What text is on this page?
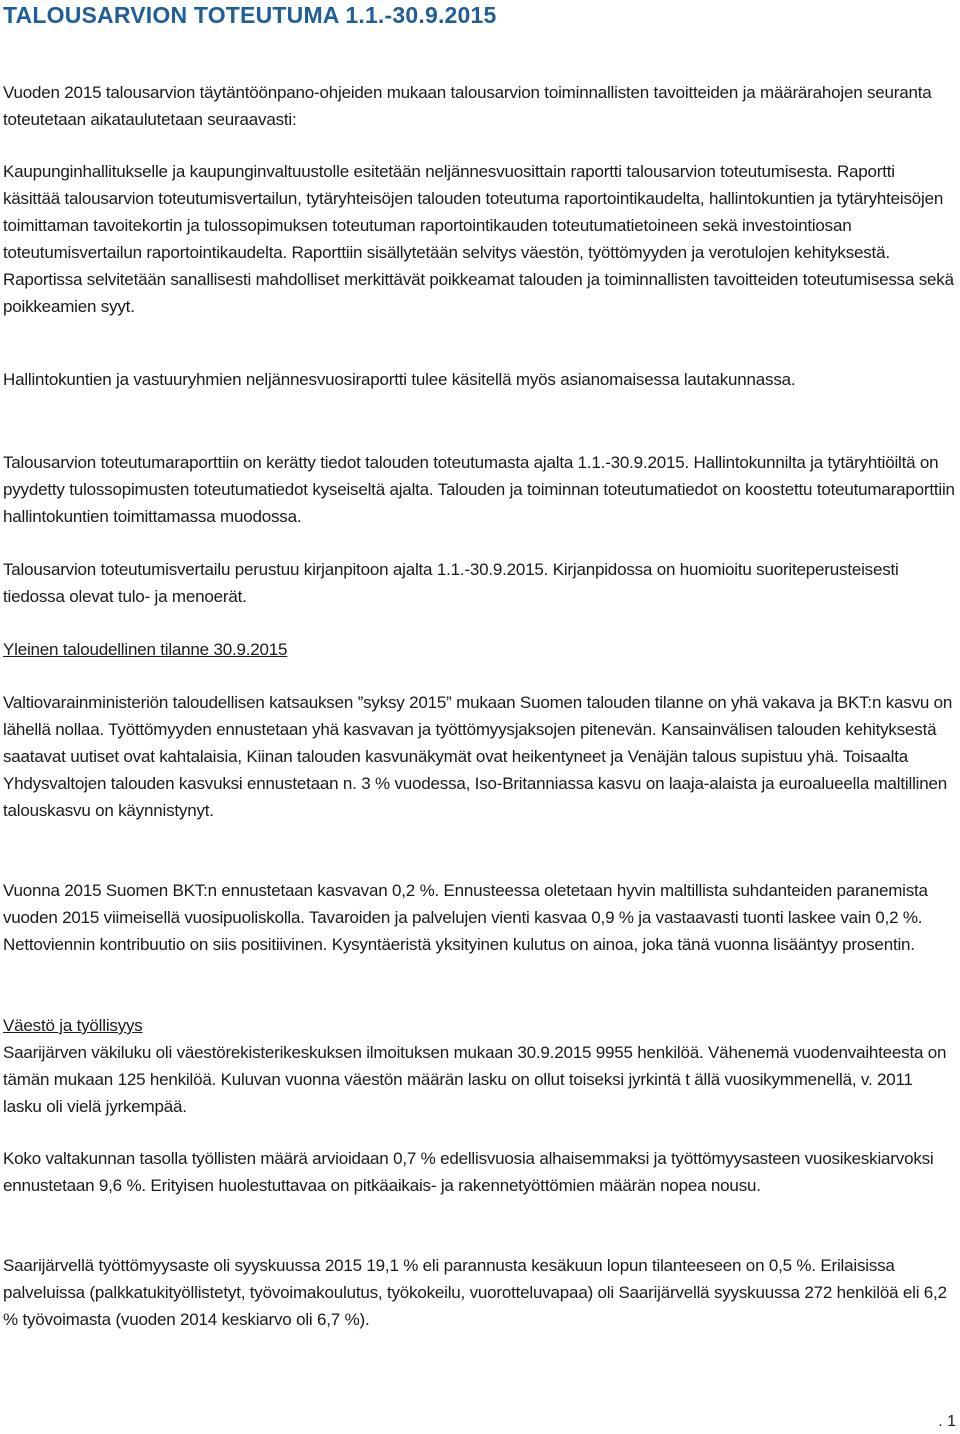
TALOUSARVION TOTEUTUMA 1.1.-30.9.2015

Vuoden 2015 talousarvion täytäntöönpano-ohjeiden mukaan talousarvion toiminnallisten tavoitteiden ja määrärahojen seuranta toteutetaan aikataulutetaan seuraavasti:

Kaupunginhallitukselle ja kaupunginvaltuustolle esitetään neljännesvuosittain raportti talousarvion toteutumisesta. Raportti käsittää talousarvion toteutumisvertailun, tytäryhteisöjen talouden toteutuma raportointikaudelta, hallintokuntien ja tytäryhteisöjen toimittaman tavoitekortin ja tulossopimuksen toteutuman raportointikauden toteutumatietoineen sekä investointiosan toteutumisvertailun raportointikaudelta. Raporttiin sisällytetään selvitys väestön, työttömyyden ja verotulojen kehityksestä. Raportissa selvitetään sanallisesti mahdolliset merkittävät poikkeamat talouden ja toiminnallisten tavoitteiden toteutumisessa sekä poikkeamien syyt.

Hallintokuntien ja vastuuryhmien neljännesvuosiraportti tulee käsitellä myös asianomaisessa lautakunnassa.

Talousarvion toteutumaraporttiin on kerätty tiedot talouden toteutumasta ajalta 1.1.-30.9.2015. Hallintokunnilta ja tytäryhtiöiltä on pyydetty tulossopimusten toteutumatiedot kyseiseltä ajalta. Talouden ja toiminnan toteutumatiedot on koostettu toteutumaraporttiin hallintokuntien toimittamassa muodossa.

Talousarvion toteutumisvertailu perustuu kirjanpitoon ajalta 1.1.-30.9.2015. Kirjanpidossa on huomioitu suoriteperusteisesti tiedossa olevat tulo- ja menoerät.

Yleinen taloudellinen tilanne 30.9.2015

Valtiovarainministeriön taloudellisen katsauksen ”syksy 2015” mukaan Suomen talouden tilanne on yhä vakava ja BKT:n kasvu on lähellä nollaa. Työttömyyden ennustetaan yhä kasvavan ja työttömyysjaksojen pitenevän. Kansainvälisen talouden kehityksestä saatavat uutiset ovat kahtalaisia, Kiinan talouden kasvunäkymät ovat heikentyneet ja Venäjän talous supistuu yhä. Toisaalta Yhdysvaltojen talouden kasvuksi ennustetaan n. 3 % vuodessa, Iso-Britanniassa kasvu on laaja-alaista ja euroalueella maltillinen talouskasvu on käynnistynyt.

Vuonna 2015 Suomen BKT:n ennustetaan kasvavan 0,2 %. Ennusteessa oletetaan hyvin maltillista suhdanteiden paranemista vuoden 2015 viimeisellä vuosipuoliskolla. Tavaroiden ja palvelujen vienti kasvaa 0,9 % ja vastaavasti tuonti laskee vain 0,2 %. Nettoviennin kontribuutio on siis positiivinen. Kysyntäeristä yksityinen kulutus on ainoa, joka tänä vuonna lisääntyy prosentin.

Väestö ja työllisyys

Saarijärven väkiluku oli väestörekisterikeskuksen ilmoituksen mukaan 30.9.2015 9955 henkilöä. Vähenemä vuodenvaihteesta on tämän mukaan 125 henkilöä. Kuluvan vuonna väestön määrän lasku on ollut toiseksi jyrkintä t ällä vuosikymmenellä, v. 2011 lasku oli vielä jyrkempää.

Koko valtakunnan tasolla työllisten määrä arvioidaan 0,7 % edellisvuosia alhaisemmaksi ja työttömyysasteen vuosikeskiarvoksi ennustetaan 9,6 %. Erityisen huolestuttavaa on pitkäaikais- ja rakennetyöttömien määrän nopea nousu.

Saarijärvellä työttömyysaste oli syyskuussa 2015 19,1 % eli parannusta kesäkuun lopun tilanteeseen on 0,5 %. Erilaisissa palveluissa (palkkatukityöllistetyt, työvoimakoulutus, työkokeilu, vuorotteluvapaa) oli Saarijärvellä syyskuussa 272 henkilöä eli 6,2 % työvoimasta (vuoden 2014 keskiarvo oli 6,7 %).

. 1
